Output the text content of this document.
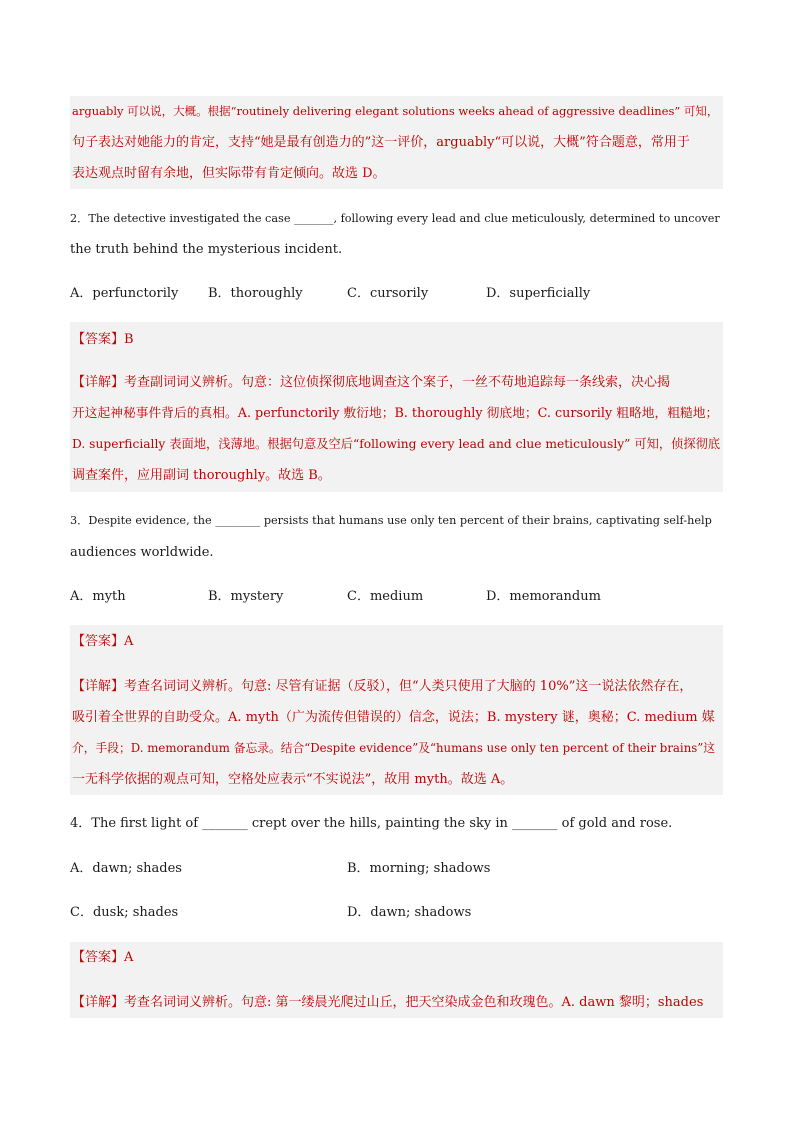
arguably 可以说，大概。根据“routinely delivering elegant solutions weeks ahead of aggressive deadlines” 可知，
句子表达对她能力的肯定，支持“她是最有创造力的”这一评价，arguably“可以说，大概”符合题意，常用于
表达观点时留有余地，但实际带有肯定倾向。故选 D。
2．The detective investigated the case _______, following every lead and clue meticulously, determined to uncover
the truth behind the mysterious incident.
A．perfunctorily B．thoroughly	C．cursorily	D．superficially
【答案】B
【详解】考查副词词义辨析。句意：这位侦探彻底地调查这个案子，一丝不苟地追踪每一条线索，决心揭
开这起神秘事件背后的真相。A. perfunctorily 敷衍地；B. thoroughly 彻底地；C. cursorily 粗略地，粗糙地；
D. superficially 表面地，浅薄地。根据句意及空后“following every lead and clue meticulously” 可知，侦探彻底
调查案件，应用副词 thoroughly。故选 B。
3．Despite evidence, the ________ persists that humans use only ten percent of their brains, captivating self-help
audiences worldwide.
A．myth	B．mystery	C．medium	D．memorandum
【答案】A
【详解】考查名词词义辨析。句意: 尽管有证据（反驳），但“人类只使用了大脑的 10%”这一说法依然存在，
吸引着全世界的自助受众。A. myth（广为流传但错误的）信念，说法；B. mystery 谜，奥秘；C. medium 媒
介，手段；D. memorandum 备忘录。结合“Despite evidence”及“humans use only ten percent of their brains”这
一无科学依据的观点可知，空格处应表示“不实说法”，故用 myth。故选 A。
4．The first light of _______ crept over the hills, painting the sky in _______ of gold and rose.
A．dawn; shades	B．morning; shadows
C．dusk; shades	D．dawn; shadows
【答案】A
【详解】考查名词词义辨析。句意: 第一缕晨光爬过山丘，把天空染成金色和玫瑰色。A. dawn 黎明；shades
